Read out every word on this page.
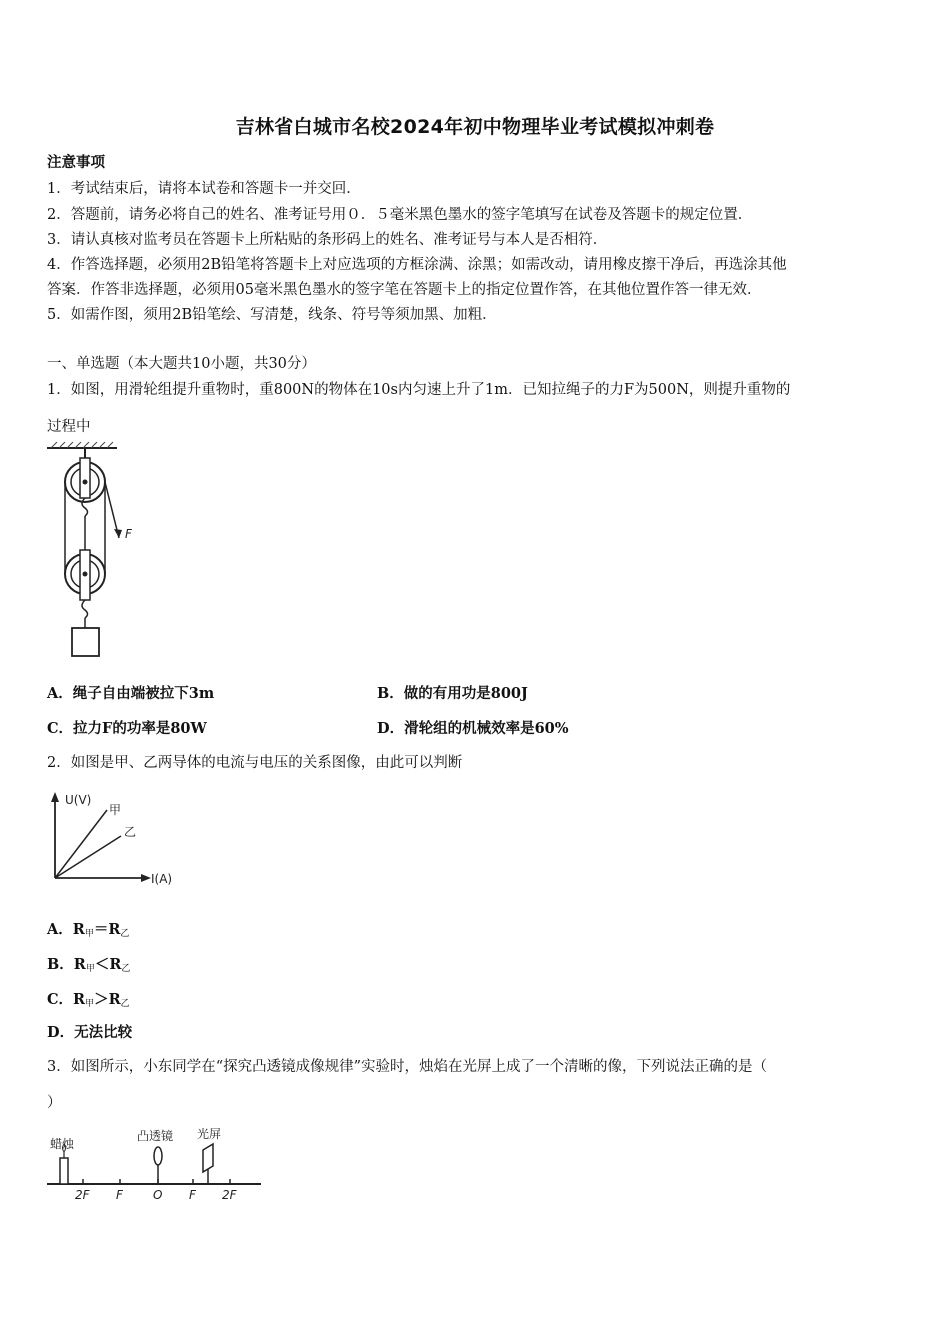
吉林省白城市名校2024年初中物理毕业考试模拟冲刺卷
注意事项
1．考试结束后，请将本试卷和答题卡一并交回．
2．答题前，请务必将自己的姓名、准考证号用０．５毫米黑色墨水的签字笔填写在试卷及答题卡的规定位置．
3．请认真核对监考员在答题卡上所粘贴的条形码上的姓名、准考证号与本人是否相符．
4．作答选择题，必须用2B铅笔将答题卡上对应选项的方框涂满、涂黑；如需改动，请用橡皮擦干净后，再选涂其他
答案．作答非选择题，必须用05毫米黑色墨水的签字笔在答题卡上的指定位置作答，在其他位置作答一律无效．
5．如需作图，须用2B铅笔绘、写清楚，线条、符号等须加黑、加粗．
一、单选题（本大题共10小题，共30分）
1．如图，用滑轮组提升重物时，重800N的物体在10s内匀速上升了1m．已知拉绳子的力F为500N，则提升重物的
过程中
F
A．绳子自由端被拉下3m	B．做的有用功是800J
C．拉力F的功率是80W	D．滑轮组的机械效率是60%
2．如图是甲、乙两导体的电流与电压的关系图像，由此可以判断
U(V)
I(A)
甲
乙
A．$R_甲=R_乙$
B．$R_甲<R_乙$
C．$R_甲>R_乙$
D．无法比较
3．如图所示，小东同学在“探究凸透镜成像规律”实验时，烛焰在光屏上成了一个清晰的像，下列说法正确的是（
）
蜡烛
凸透镜 光屏
2F F	O F 2F
